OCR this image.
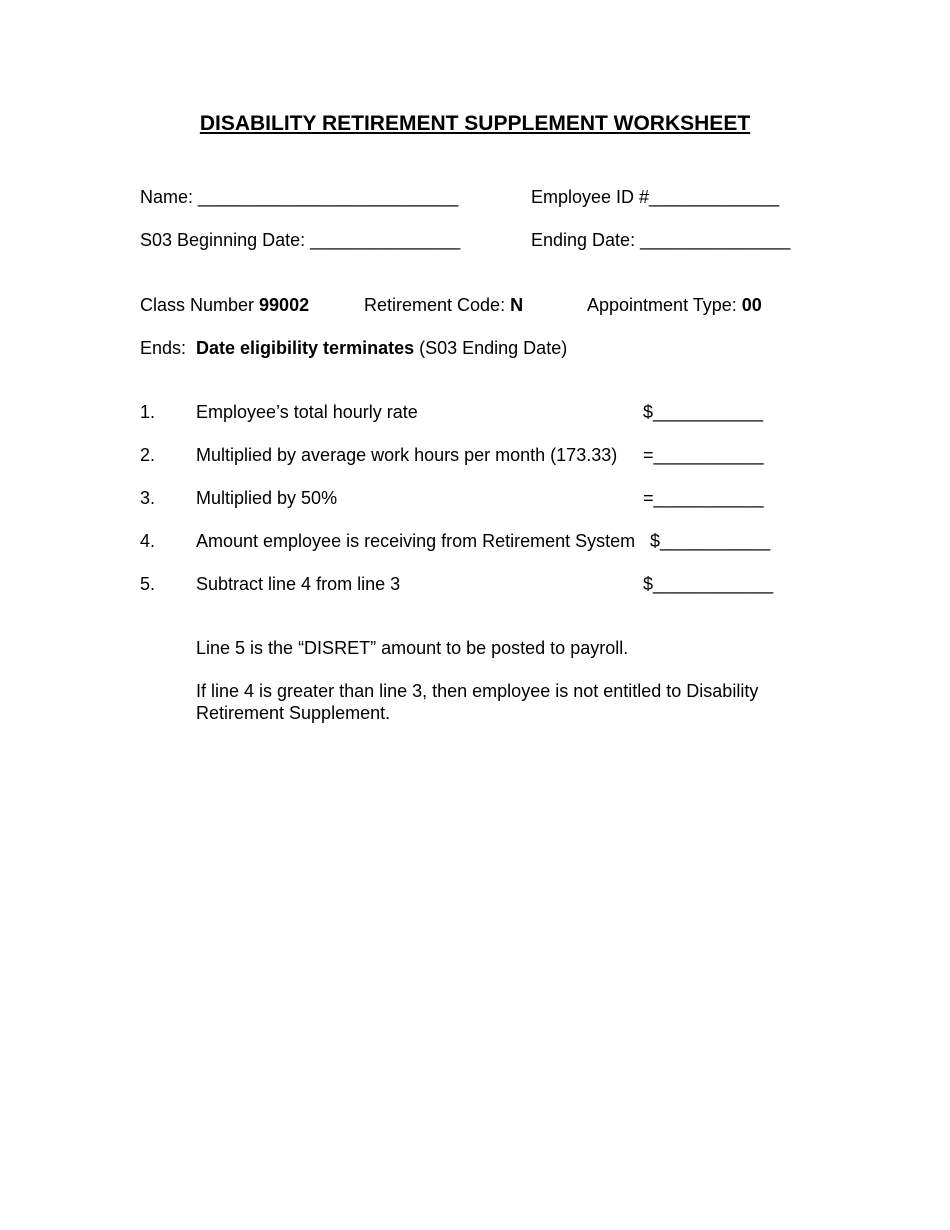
DISABILITY RETIREMENT SUPPLEMENT WORKSHEET
Name: __________________________	Employee ID #_____________
S03 Beginning Date: _______________	Ending Date: _______________
Class Number 99002	Retirement Code: N	Appointment Type: 00
Ends:  Date eligibility terminates (S03 Ending Date)
1. Employee’s total hourly rate	$___________
2. Multiplied by average work hours per month (173.33) =___________
3. Multiplied by 50%	=___________
4. Amount employee is receiving from Retirement System $___________
5. Subtract line 4 from line 3	$____________
Line 5 is the “DISRET” amount to be posted to payroll.
If line 4 is greater than line 3, then employee is not entitled to Disability Retirement Supplement.
